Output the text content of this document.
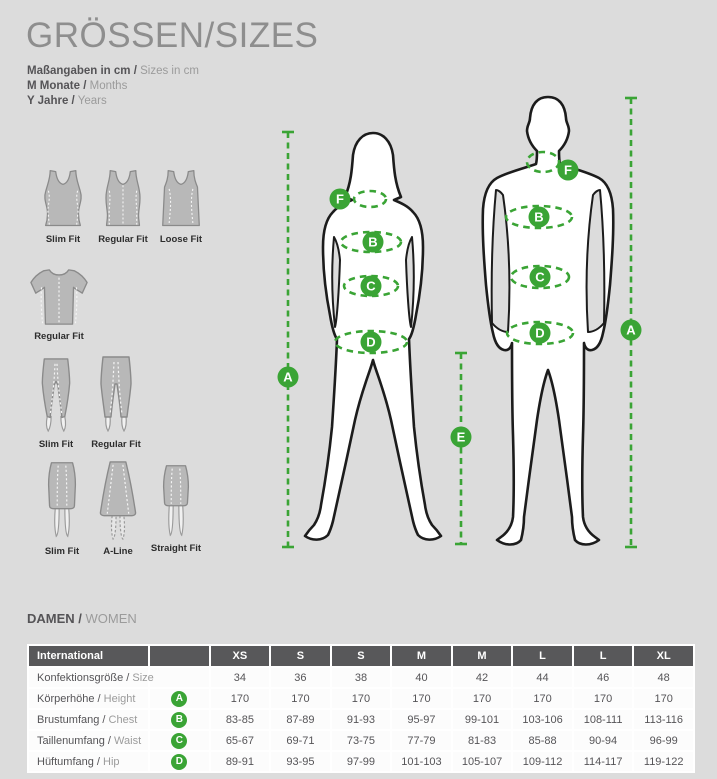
GRÖSSEN/SIZES
Maßangaben in cm / Sizes in cm
M Monate / Months
Y Jahre / Years
Slim Fit	Regular Fit	Loose Fit
Regular Fit
Slim Fit	Regular Fit
Slim Fit	A-Line	Straight Fit
F
B
C
D
A
F
B
C
D
E
A
DAMEN / WOMEN
International		XS	S	S	M	M	L	L	XL
Konfektionsgröße / Size		34	36	38	40	42	44	46	48
Körperhöhe / Height	A	170	170	170	170	170	170	170	170
Brustumfang / Chest	B	83-85	87-89	91-93	95-97	99-101	103-106	108-111	113-116
Taillenumfang / Waist	C	65-67	69-71	73-75	77-79	81-83	85-88	90-94	96-99
Hüftumfang / Hip	D	89-91	93-95	97-99	101-103	105-107	109-112	114-117	119-122
